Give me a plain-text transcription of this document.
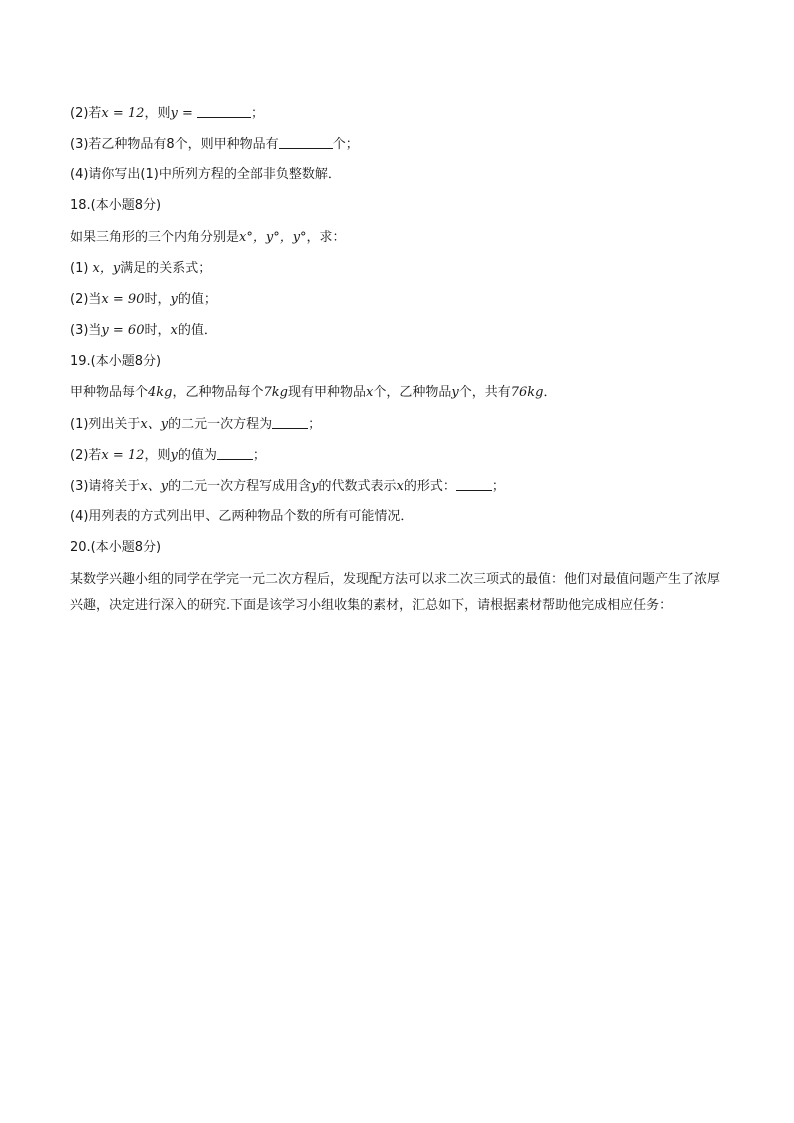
(2)若x = 12，则y =	；
(3)若乙种物品有8个，则甲种物品有	个；
(4)请你写出(1)中所列方程的全部非负整数解．
18.(本小题8分)
如果三角形的三个内角分别是x°，y°，y°，求：
(1) x，y满足的关系式；
(2)当x = 90时，y的值；
(3)当y = 60时，x的值．
19.(本小题8分)
甲种物品每个4kg，乙种物品每个7kg现有甲种物品x个，乙种物品y个，共有76kg．
(1)列出关于x、y的二元一次方程为	；
(2)若x = 12，则y的值为	；
(3)请将关于x、y的二元一次方程写成用含y的代数式表示x的形式：	；
(4)用列表的方式列出甲、乙两种物品个数的所有可能情况．
20.(本小题8分)
某数学兴趣小组的同学在学完一元二次方程后，发现配方法可以求二次三项式的最值：他们对最值问题产生了浓厚兴趣，决定进行深入的研究.下面是该学习小组收集的素材，汇总如下，请根据素材帮助他完成相应任务：
